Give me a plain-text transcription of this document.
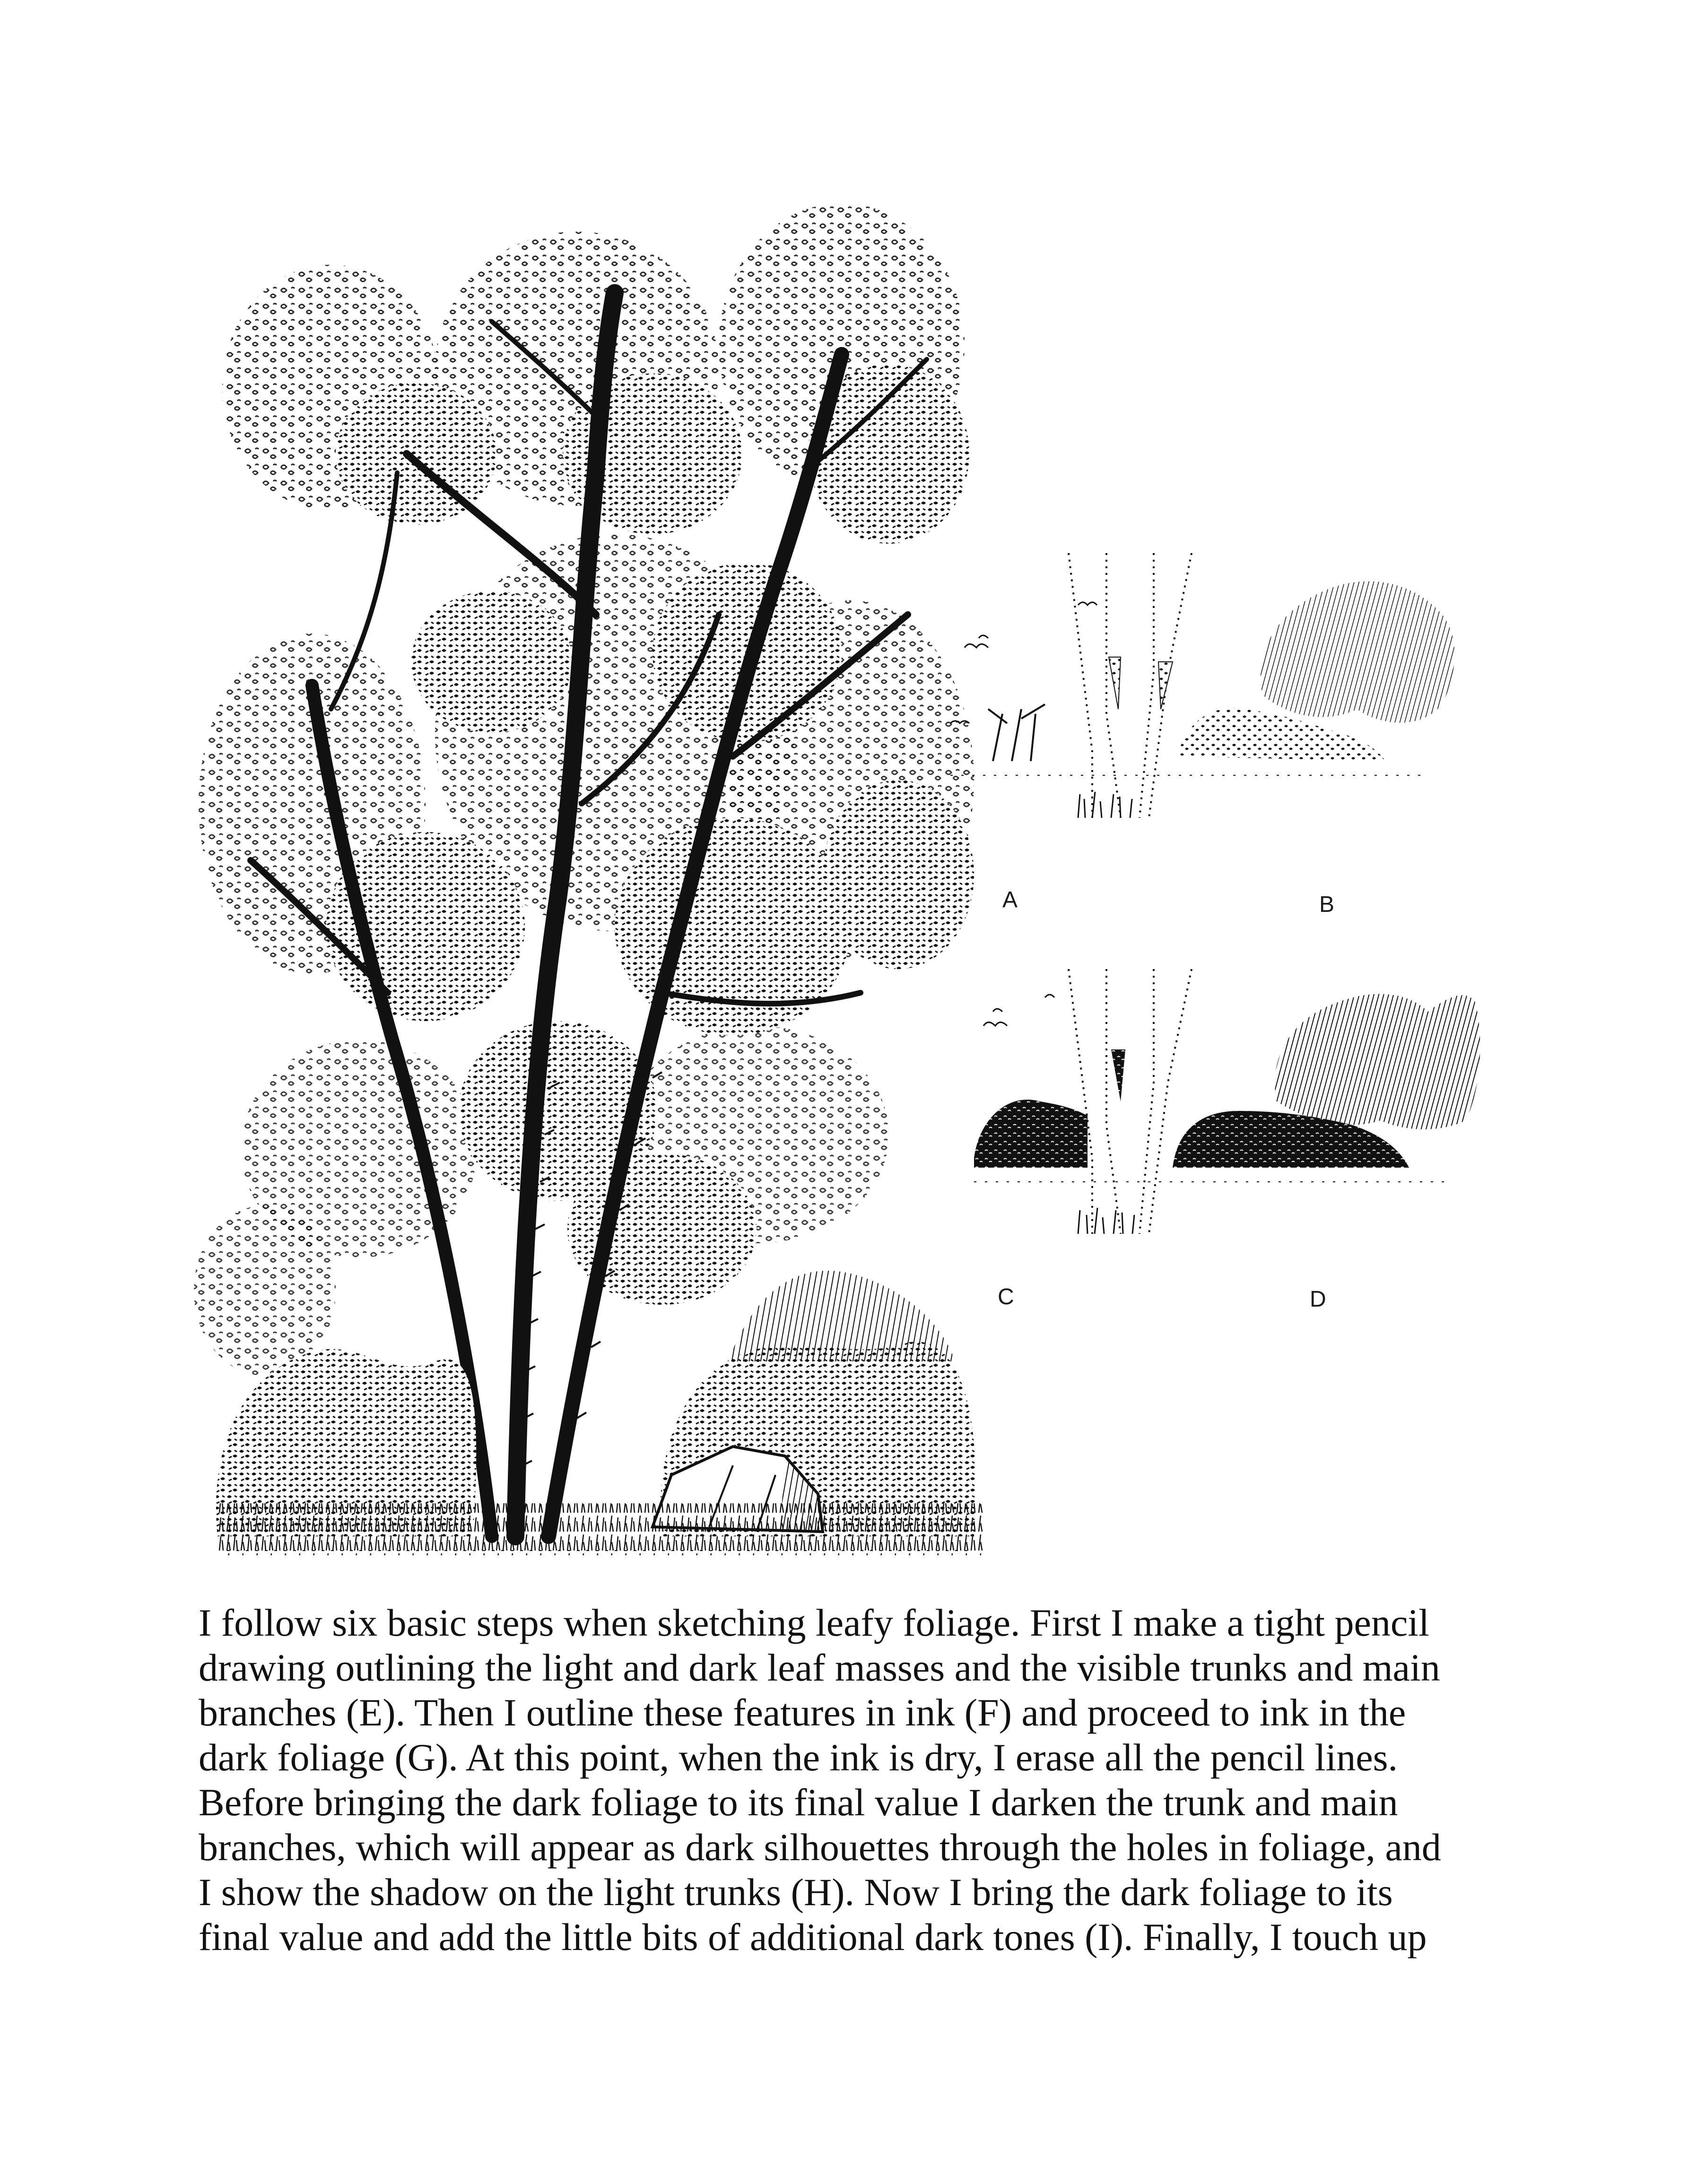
A	B
C	D

I follow six basic steps when sketching leafy foliage. First I make a tight pencil
drawing outlining the light and dark leaf masses and the visible trunks and main
branches (E). Then I outline these features in ink (F) and proceed to ink in the
dark foliage (G). At this point, when the ink is dry, I erase all the pencil lines.
Before bringing the dark foliage to its final value I darken the trunk and main
branches, which will appear as dark silhouettes through the holes in foliage, and
I show the shadow on the light trunks (H). Now I bring the dark foliage to its
final value and add the little bits of additional dark tones (I). Finally, I touch up
